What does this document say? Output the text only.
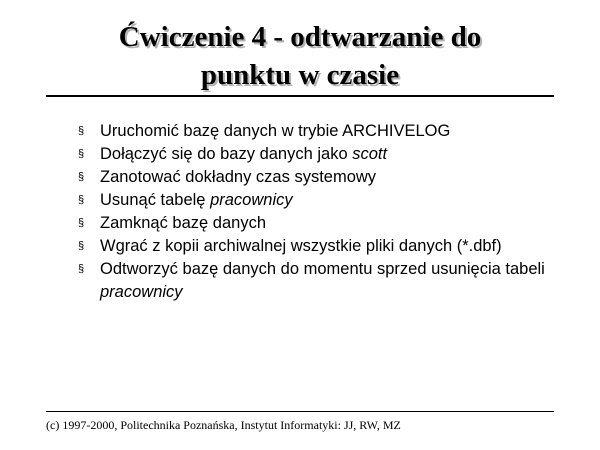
Ćwiczenie 4 - odtwarzanie do
punktu w czasie
§ Uruchomić bazę danych w trybie ARCHIVELOG
§ Dołączyć się do bazy danych jako scott
§ Zanotować dokładny czas systemowy
§ Usunąć tabelę pracownicy
§ Zamknąć bazę danych
§ Wgrać z kopii archiwalnej wszystkie pliki danych (*.dbf)
§ Odtworzyć bazę danych do momentu sprzed usunięcia tabeli pracownicy
(c) 1997-2000, Politechnika Poznańska, Instytut Informatyki: JJ, RW, MZ
